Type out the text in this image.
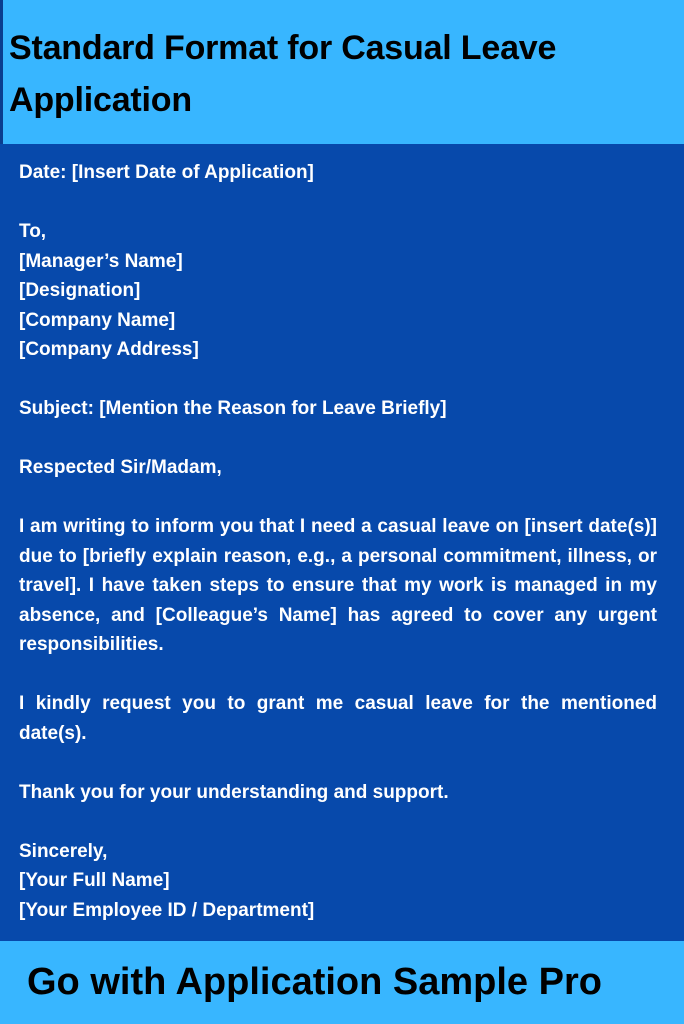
Standard Format for Casual Leave Application

Date: [Insert Date of Application]

To,
[Manager’s Name]
[Designation]
[Company Name]
[Company Address]

Subject: [Mention the Reason for Leave Briefly]

Respected Sir/Madam,

I am writing to inform you that I need a casual leave on [insert date(s)] due to [briefly explain reason, e.g., a personal commitment, illness, or travel]. I have taken steps to ensure that my work is managed in my absence, and [Colleague’s Name] has agreed to cover any urgent responsibilities.

I kindly request you to grant me casual leave for the mentioned date(s).

Thank you for your understanding and support.

Sincerely,
[Your Full Name]
[Your Employee ID / Department]

Go with Application Sample Pro
